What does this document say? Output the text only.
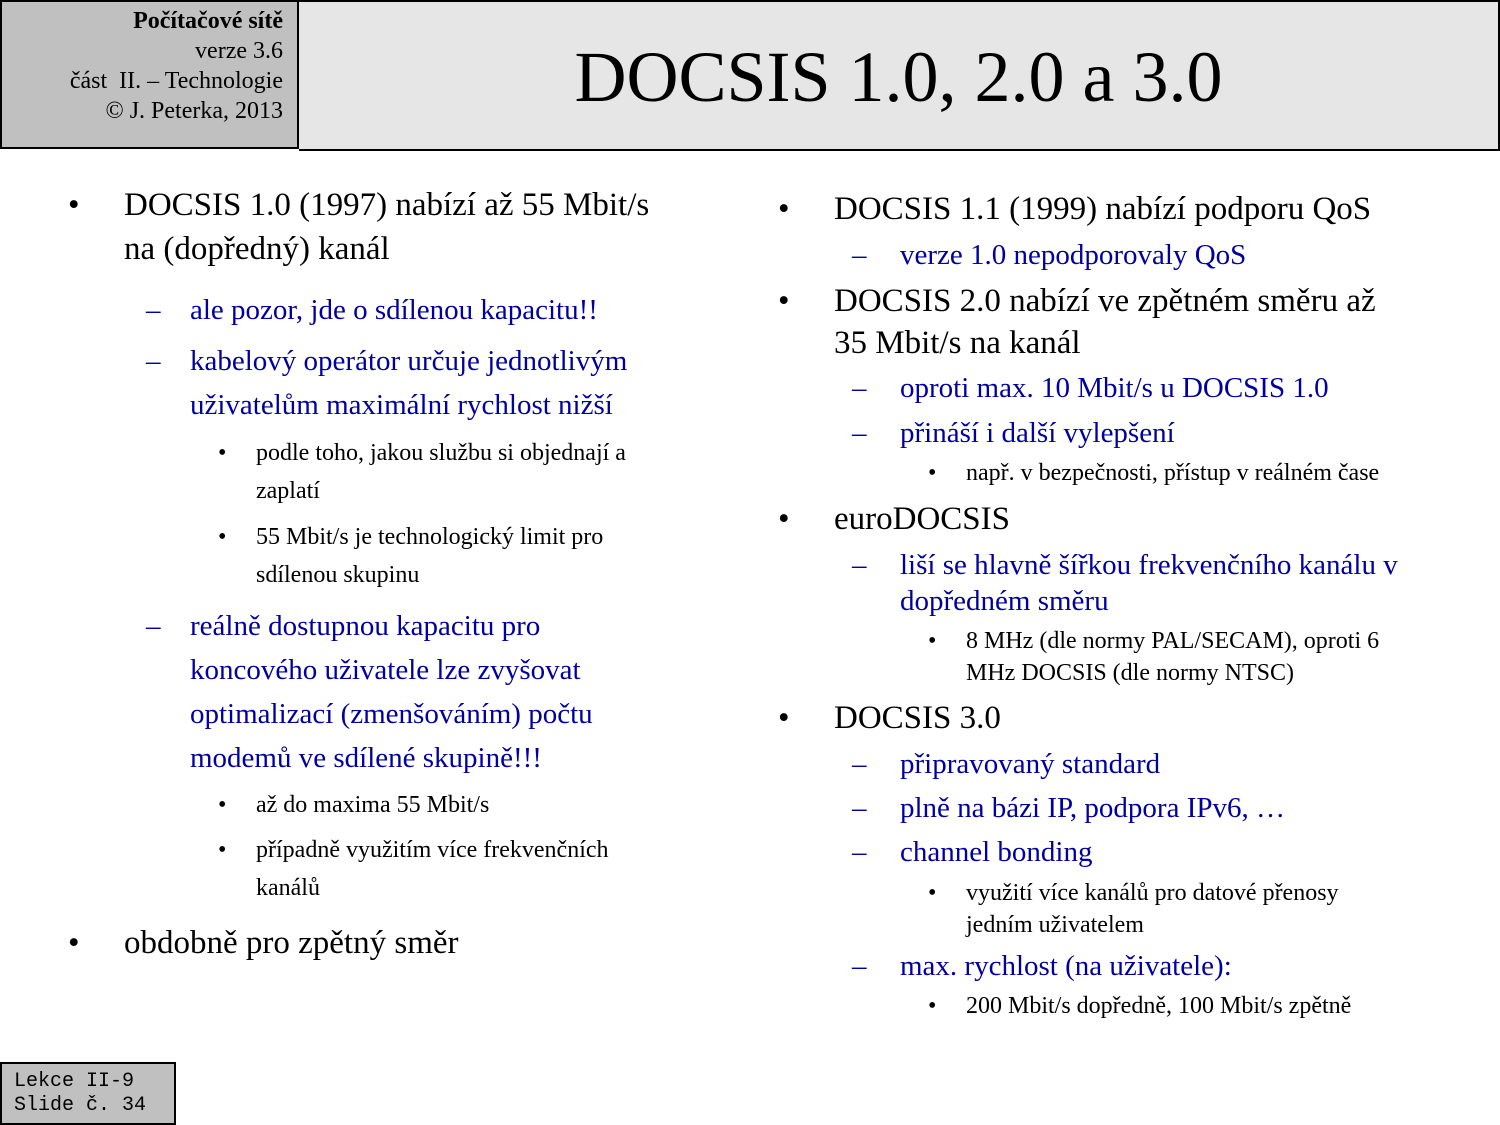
Počítačové sítě
verze 3.6
část  II. – Technologie
© J. Peterka, 2013	DOCSIS 1.0, 2.0 a 3.0
• DOCSIS 1.0 (1997) nabízí až 55 Mbit/s
na (dopředný) kanál
– ale pozor, jde o sdílenou kapacitu!!
– kabelový operátor určuje jednotlivým
uživatelům maximální rychlost nižší
• podle toho, jakou službu si objednají a
zaplatí
• 55 Mbit/s je technologický limit pro
sdílenou skupinu
– reálně dostupnou kapacitu pro
koncového uživatele lze zvyšovat
optimalizací (zmenšováním) počtu
modemů ve sdílené skupině!!!
• až do maxima 55 Mbit/s
• případně využitím více frekvenčních
kanálů
• obdobně pro zpětný směr
• DOCSIS 1.1 (1999) nabízí podporu QoS
– verze 1.0 nepodporovaly QoS
• DOCSIS 2.0 nabízí ve zpětném směru až
35 Mbit/s na kanál
– oproti max. 10 Mbit/s u DOCSIS 1.0
– přináší i další vylepšení
• např. v bezpečnosti, přístup v reálném čase
• euroDOCSIS
– liší se hlavně šířkou frekvenčního kanálu v
dopředném směru
• 8 MHz (dle normy PAL/SECAM), oproti 6
MHz DOCSIS (dle normy NTSC)
• DOCSIS 3.0
– připravovaný standard
– plně na bázi IP, podpora IPv6, …
– channel bonding
• využití více kanálů pro datové přenosy
jedním uživatelem
– max. rychlost (na uživatele):
• 200 Mbit/s dopředně, 100 Mbit/s zpětně
Lekce II-9
Slide č. 34
